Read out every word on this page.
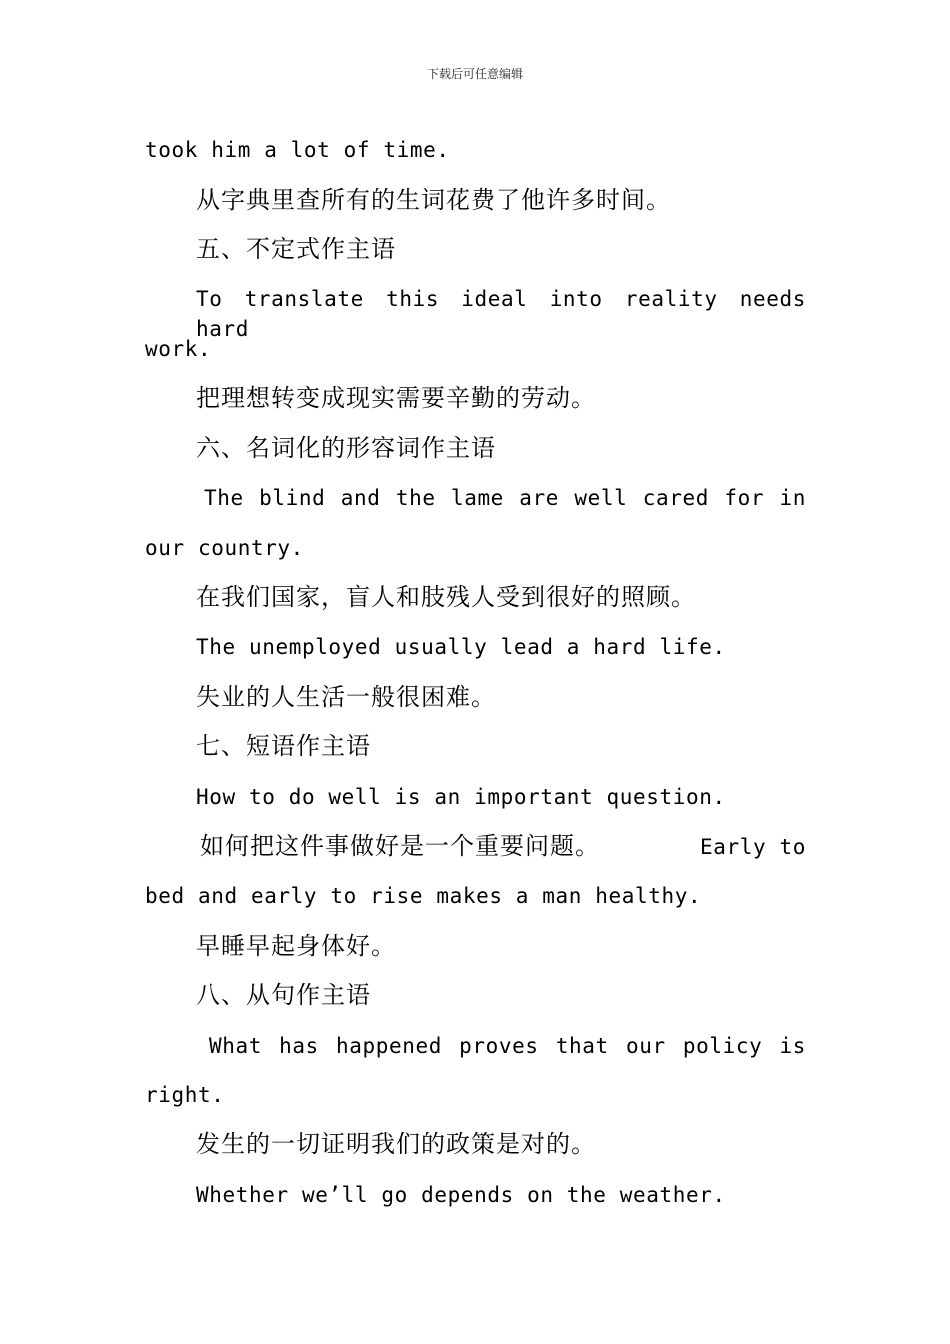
下载后可任意编辑
took him a lot of time.
从字典里查所有的生词花费了他许多时间。
五、不定式作主语
To translate this ideal into reality needs hard
work.
把理想转变成现实需要辛勤的劳动。
六、名词化的形容词作主语
The blind and the lame are well cared for in
our country.
在我们国家，盲人和肢残人受到很好的照顾。
The unemployed usually lead a hard life.
失业的人生活一般很困难。
七、短语作主语
How to do well is an important question.
如何把这件事做好是一个重要问题。	Early to
bed and early to rise makes a man healthy.
早睡早起身体好。
八、从句作主语
What has happened proves that our policy is
right.
发生的一切证明我们的政策是对的。
Whether we’ll go depends on the weather.
